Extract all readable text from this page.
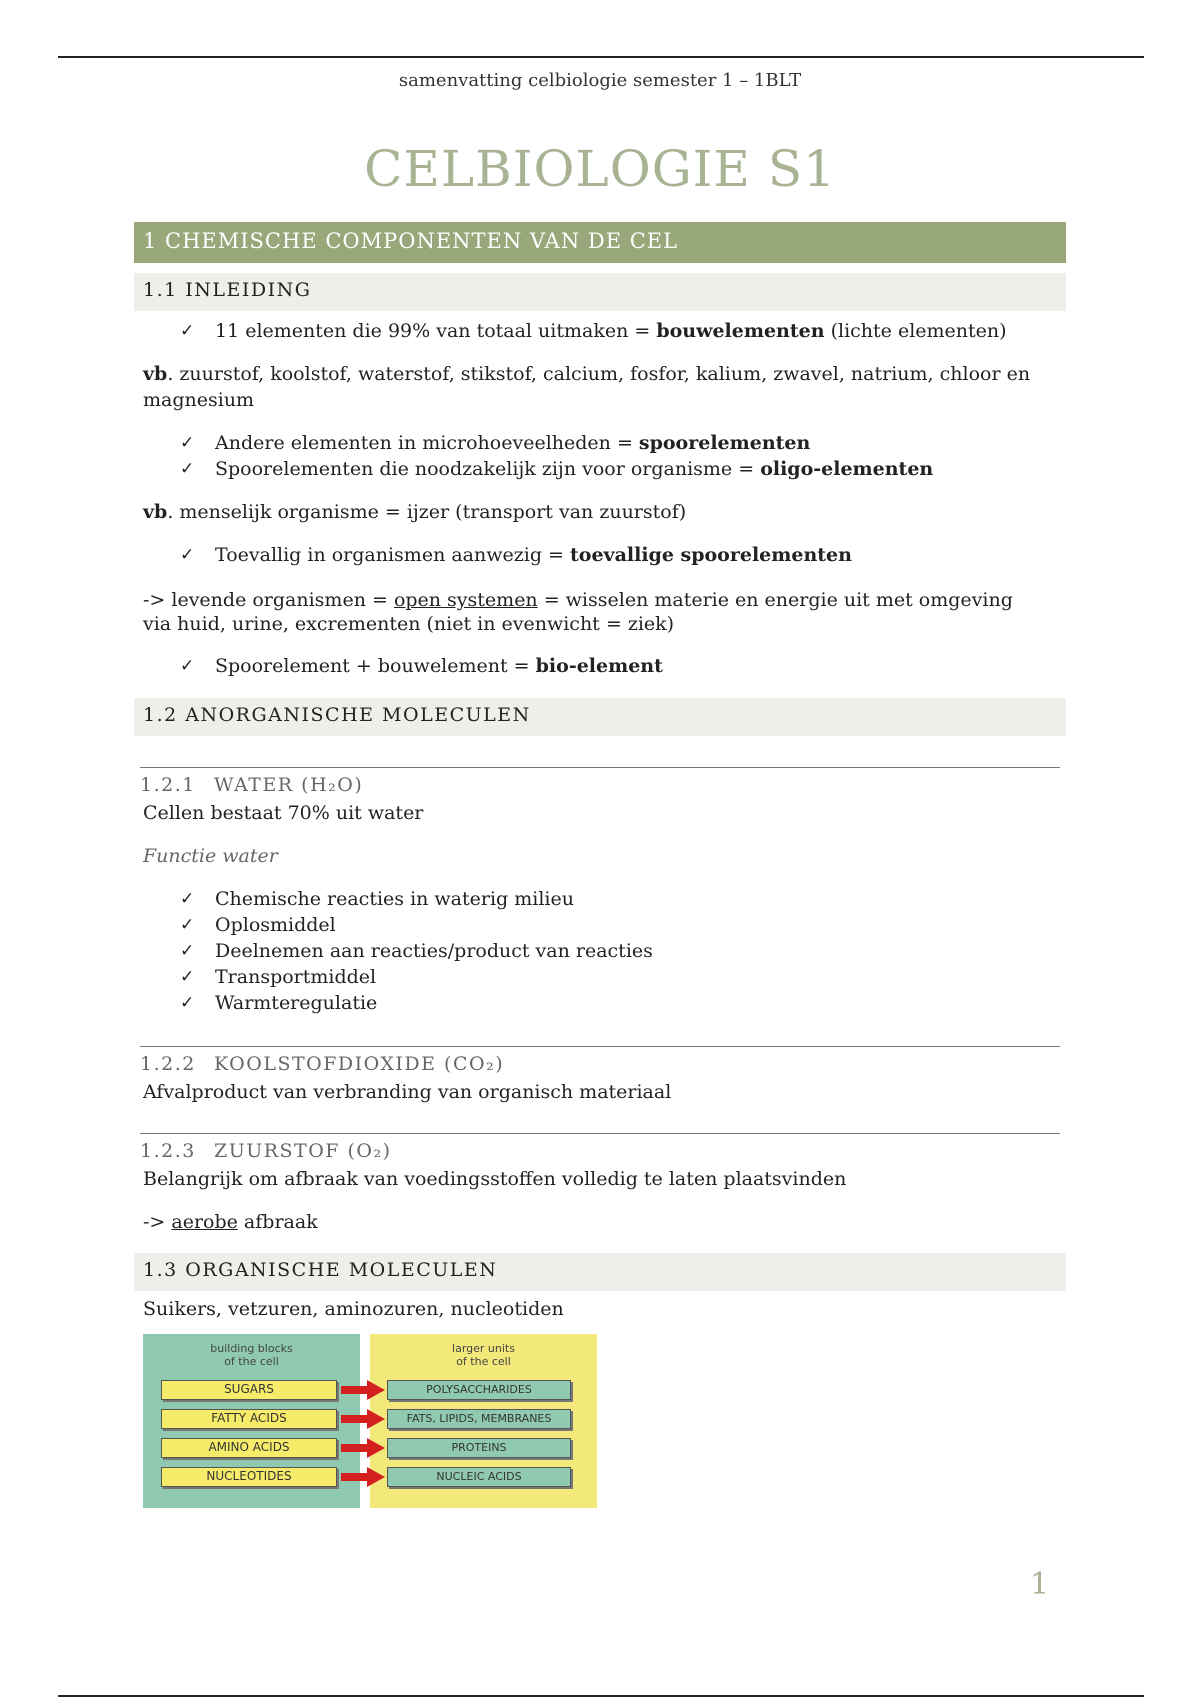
samenvatting celbiologie semester 1 – 1BLT
CELBIOLOGIE S1
1 CHEMISCHE COMPONENTEN VAN DE CEL
1.1 INLEIDING
✓ 11 elementen die 99% van totaal uitmaken = bouwelementen (lichte elementen)

vb. zuurstof, koolstof, waterstof, stikstof, calcium, fosfor, kalium, zwavel, natrium, chloor en magnesium

✓ Andere elementen in microhoeveelheden = spoorelementen
✓ Spoorelementen die noodzakelijk zijn voor organisme = oligo-elementen

vb. menselijk organisme = ijzer (transport van zuurstof)

✓ Toevallig in organismen aanwezig = toevallige spoorelementen

-> levende organismen = open systemen = wisselen materie en energie uit met omgeving via huid, urine, excrementen (niet in evenwicht = ziek)

✓ Spoorelement + bouwelement = bio-element
1.2 ANORGANISCHE MOLECULEN
1.2.1 WATER (H₂O)

Cellen bestaat 70% uit water

Functie water

✓ Chemische reacties in waterig milieu
✓ Oplosmiddel
✓ Deelnemen aan reacties/product van reacties
✓ Transportmiddel
✓ Warmteregulatie
1.2.2 KOOLSTOFDIOXIDE (CO₂)

Afvalproduct van verbranding van organisch materiaal

1.2.3 ZUURSTOF (O₂)

Belangrijk om afbraak van voedingsstoffen volledig te laten plaatsvinden

-> aerobe afbraak

1.3 ORGANISCHE MOLECULEN

Suikers, vetzuren, aminozuren, nucleotiden

building blocks
of the cell
larger units
of the cell
SUGARS
FATTY ACIDS
AMINO ACIDS
NUCLEOTIDES
POLYSACCHARIDES
FATS, LIPIDS, MEMBRANES
PROTEINS
NUCLEIC ACIDS
1
